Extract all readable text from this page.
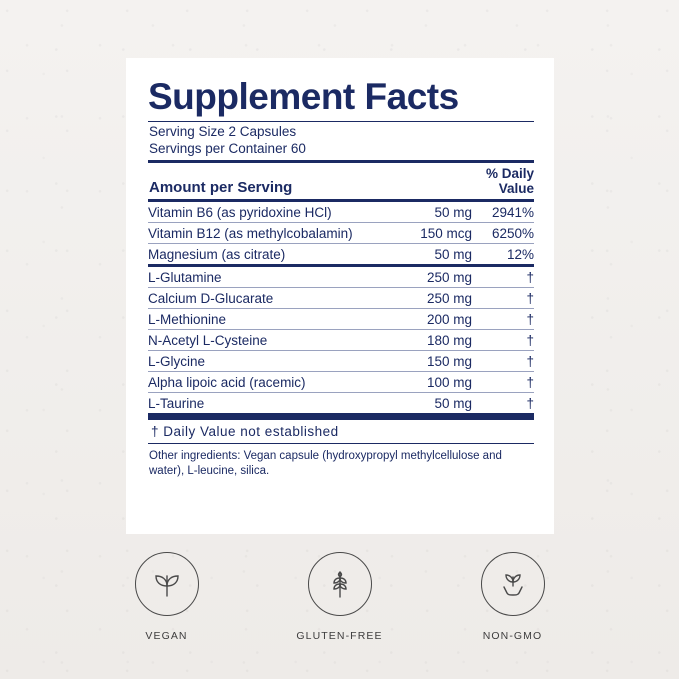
Supplement Facts
Serving Size 2 Capsules
Servings per Container 60
Amount per Serving
% Daily
Value
Vitamin B6 (as pyridoxine HCl)	50 mg	2941%
Vitamin B12 (as methylcobalamin)	150 mcg	6250%
Magnesium (as citrate)	50 mg	12%
L-Glutamine	250 mg	†
Calcium D-Glucarate	250 mg	†
L-Methionine	200 mg	†
N-Acetyl L-Cysteine	180 mg	†
L-Glycine	150 mg	†
Alpha lipoic acid (racemic)	100 mg	†
L-Taurine	50 mg	†
† Daily Value not established
Other ingredients: Vegan capsule (hydroxypropyl methylcellulose and water), L-leucine, silica.
VEGAN	GLUTEN-FREE	NON-GMO
